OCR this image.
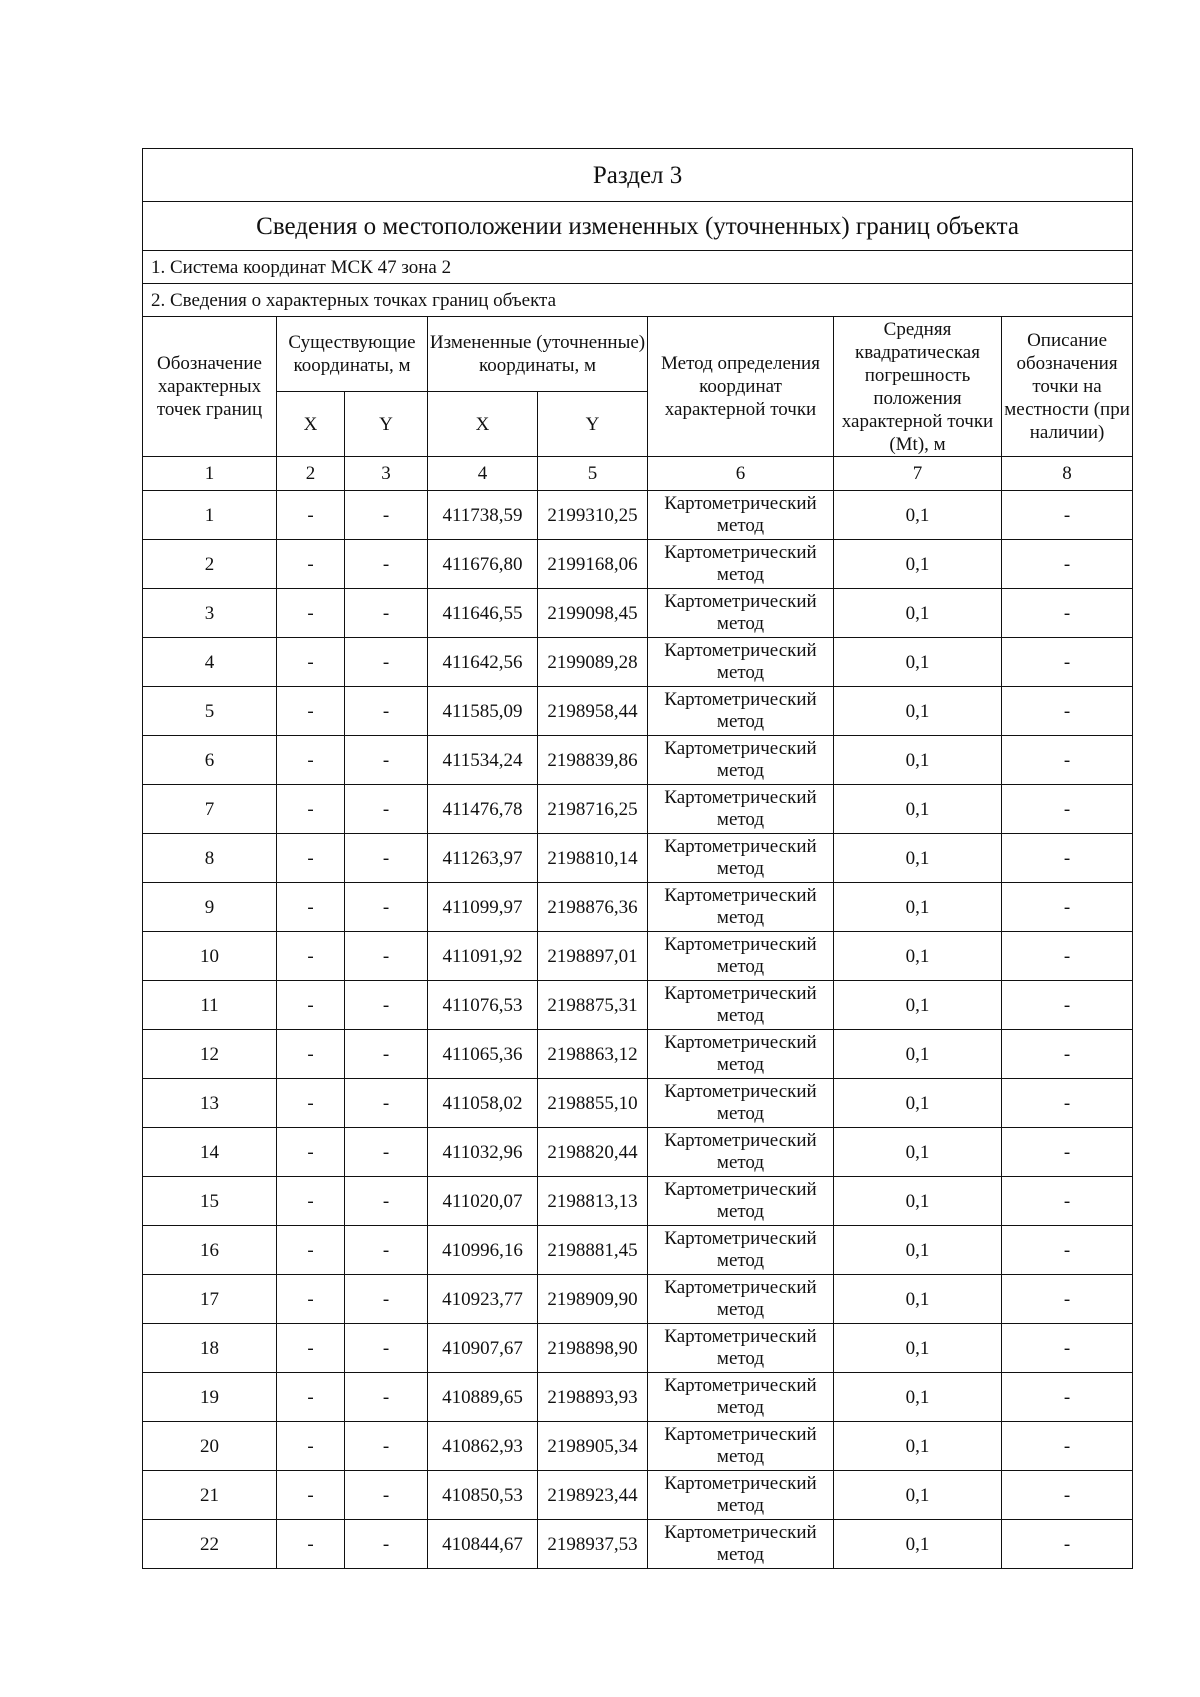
Раздел 3							
Сведения о местоположении измененных (уточненных) границ объекта							
1. Система координат МСК 47 зона 2							
2. Сведения о характерных точках границ объекта							
Обозначение характерных точек границ	Существующие координаты, м		Измененные (уточненные) координаты, м		Метод определения координат характерной точки	Средняя квадратическая погрешность положения характерной точки (Mt), м	Описание обозначения точки на местности (при наличии)
	X	Y	X	Y			
1	2	3	4	5	6	7	8
1	-	-	411738,59	2199310,25	Картометрический метод	0,1	-
2	-	-	411676,80	2199168,06	Картометрический метод	0,1	-
3	-	-	411646,55	2199098,45	Картометрический метод	0,1	-
4	-	-	411642,56	2199089,28	Картометрический метод	0,1	-
5	-	-	411585,09	2198958,44	Картометрический метод	0,1	-
6	-	-	411534,24	2198839,86	Картометрический метод	0,1	-
7	-	-	411476,78	2198716,25	Картометрический метод	0,1	-
8	-	-	411263,97	2198810,14	Картометрический метод	0,1	-
9	-	-	411099,97	2198876,36	Картометрический метод	0,1	-
10	-	-	411091,92	2198897,01	Картометрический метод	0,1	-
11	-	-	411076,53	2198875,31	Картометрический метод	0,1	-
12	-	-	411065,36	2198863,12	Картометрический метод	0,1	-
13	-	-	411058,02	2198855,10	Картометрический метод	0,1	-
14	-	-	411032,96	2198820,44	Картометрический метод	0,1	-
15	-	-	411020,07	2198813,13	Картометрический метод	0,1	-
16	-	-	410996,16	2198881,45	Картометрический метод	0,1	-
17	-	-	410923,77	2198909,90	Картометрический метод	0,1	-
18	-	-	410907,67	2198898,90	Картометрический метод	0,1	-
19	-	-	410889,65	2198893,93	Картометрический метод	0,1	-
20	-	-	410862,93	2198905,34	Картометрический метод	0,1	-
21	-	-	410850,53	2198923,44	Картометрический метод	0,1	-
22	-	-	410844,67	2198937,53	Картометрический метод	0,1	-
